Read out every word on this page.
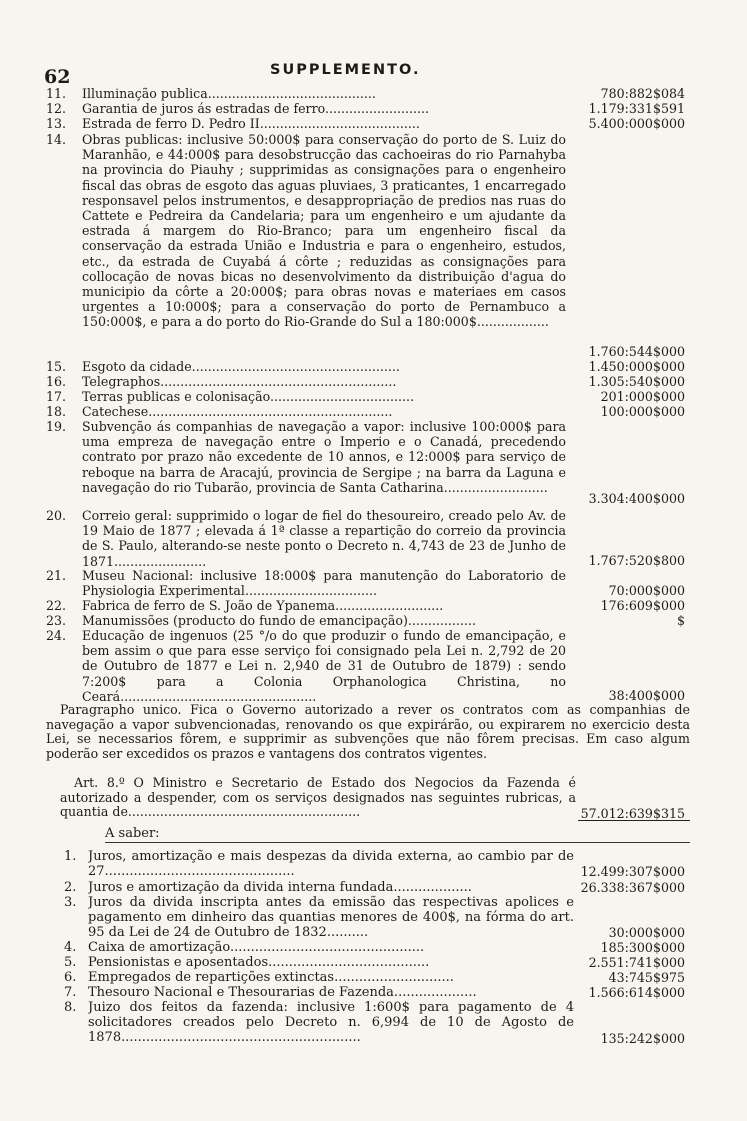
62	SUPPLEMENTO.
11. Illuminação publica..........................................	780:882$084
12. Garantia de juros ás estradas de ferro..........................	1.179:331$591
13. Estrada de ferro D. Pedro II........................................	5.400:000$000
14. Obras publicas: inclusive 50:000$ para conservação do porto de S. Luiz do Maranhão, e 44:000$ para desobstrucção das cachoeiras do rio Parnahyba na provincia do Piauhy ; supprimidas as consignações para o engenheiro fiscal das obras de esgoto das aguas pluviaes, 3 praticantes, 1 encarregado responsavel pelos instrumentos, e desappropriação de predios nas ruas do Cattete e Pedreira da Candelaria; para um engenheiro e um ajudante da estrada á margem do Rio-Branco; para um engenheiro fiscal da conservação da estrada União e Industria e para o engenheiro, estudos, etc., da estrada de Cuyabá á côrte ; reduzidas as consignações para collocação de novas bicas no desenvolvimento da distribuição d'agua do municipio da côrte a 20:000$; para obras novas e materiaes em casos urgentes a 10:000$; para a conservação do porto de Pernambuco a 150:000$, e para a do porto do Rio-Grande do Sul a 180:000$..................
1.760:544$000
15. Esgoto da cidade....................................................	1.450:000$000
16. Telegraphos...........................................................	1.305:540$000
17. Terras publicas e colonisação....................................	201:000$000
18. Catechese.............................................................	100:000$000
19. Subvenção ás companhias de navegação a vapor: inclusive 100:000$ para uma empreza de navegação entre o Imperio e o Canadá, precedendo contrato por prazo não excedente de 10 annos, e 12:000$ para serviço de reboque na barra de Aracajú, provincia de Sergipe ; na barra da Laguna e navegação do rio Tubarão, provincia de Santa Catharina..........................
3.304:400$000
20. Correio geral: supprimido o logar de fiel do thesoureiro, creado pelo Av. de 19 Maio de 1877 ; elevada á 1ª classe a repartição do correio da provincia de S. Paulo, alterando-se neste ponto o Decreto n. 4,743 de 23 de Junho de 1871.......................	1.767:520$800
21. Museu Nacional: inclusive 18:000$ para manutenção do Laboratorio de Physiologia Experimental.................................	70:000$000
22. Fabrica de ferro de S. João de Ypanema...........................	176:609$000
23. Manumissões (producto do fundo de emancipação).................	$
24. Educação de ingenuos (25 °/o do que produzir o fundo de emancipação, e bem assim o que para esse serviço foi consignado pela Lei n. 2,792 de 20 de Outubro de 1877 e Lei n. 2,940 de 31 de Outubro de 1879) : sendo 7:200$ para a Colonia Orphanologica Christina, no Ceará.................................................	38:400$000
Paragrapho unico. Fica o Governo autorizado a rever os contratos com as companhias de navegação a vapor subvencionadas, renovando os que expirárão, ou expirarem no exercicio desta Lei, se necessarios fôrem, e supprimir as subvenções que não fôrem precisas. Em caso algum poderão ser excedidos os prazos e vantagens dos contratos vigentes.
Art. 8.º O Ministro e Secretario de Estado dos Negocios da Fazenda é autorizado a despender, com os serviços designados nas seguintes rubricas, a quantia de..........................................................	57.012:639$315
A saber:
1. Juros, amortização e mais despezas da divida externa, ao cambio par de 27..............................................	12.499:307$000
2. Juros e amortização da divida interna fundada...................	26.338:367$000
3. Juros da divida inscripta antes da emissão das respectivas apolices e pagamento em dinheiro das quantias menores de 400$, na fórma do art. 95 da Lei de 24 de Outubro de 1832..........	30:000$000
4. Caixa de amortização...............................................	185:300$000
5. Pensionistas e aposentados.......................................	2.551:741$000
6. Empregados de repartições extinctas.............................	43:745$975
7. Thesouro Nacional e Thesourarias de Fazenda....................	1.566:614$000
8. Juizo dos feitos da fazenda: inclusive 1:600$ para pagamento de 4 solicitadores creados pelo Decreto n. 6,994 de 10 de Agosto de 1878..........................................................	135:242$000
